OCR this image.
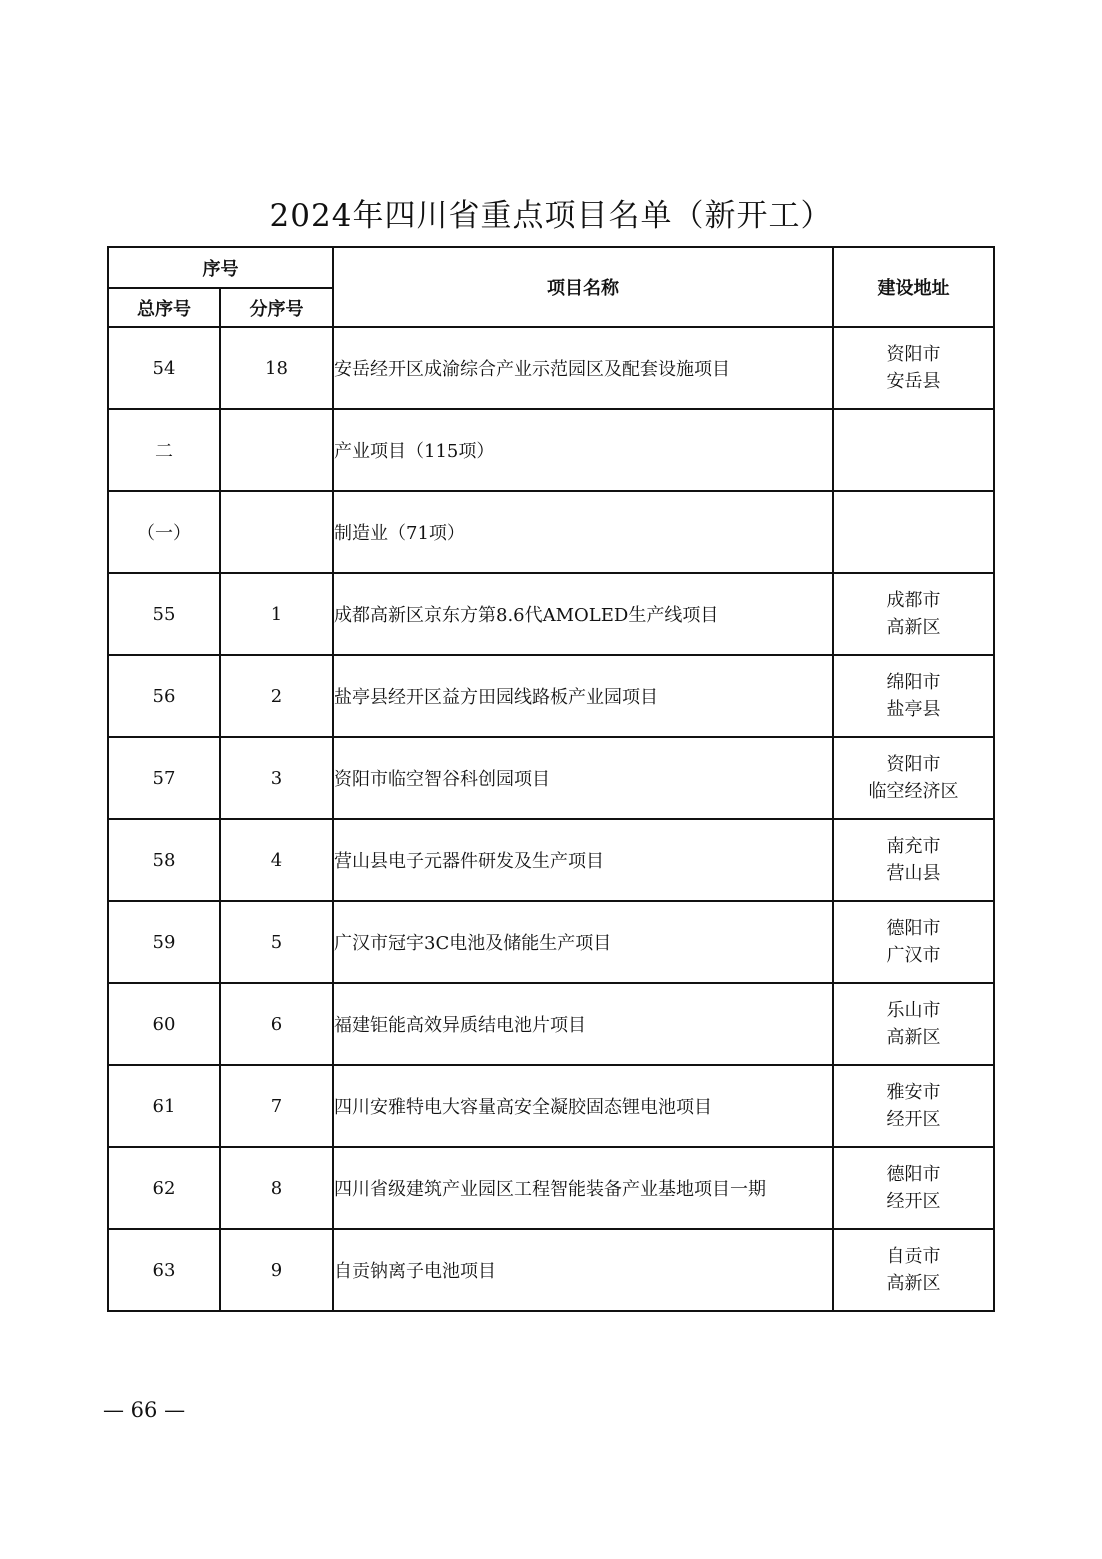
2024年四川省重点项目名单（新开工）
序号		项目名称	建设地址
总序号	分序号		
54	18	安岳经开区成渝综合产业示范园区及配套设施项目	资阳市
安岳县

二		产业项目（115项）	

（一）		制造业（71项）	

55	1	成都高新区京东方第8.6代AMOLED生产线项目	成都市
高新区

56	2	盐亭县经开区益方田园线路板产业园项目	绵阳市
盐亭县

57	3	资阳市临空智谷科创园项目	资阳市
临空经济区

58	4	营山县电子元器件研发及生产项目	南充市
营山县

59	5	广汉市冠宇3C电池及储能生产项目	德阳市
广汉市

60	6	福建钜能高效异质结电池片项目	乐山市
高新区

61	7	四川安雅特电大容量高安全凝胶固态锂电池项目	雅安市
经开区

62	8	四川省级建筑产业园区工程智能装备产业基地项目一期	德阳市
经开区

63	9	自贡钠离子电池项目	自贡市
高新区
— 66 —
